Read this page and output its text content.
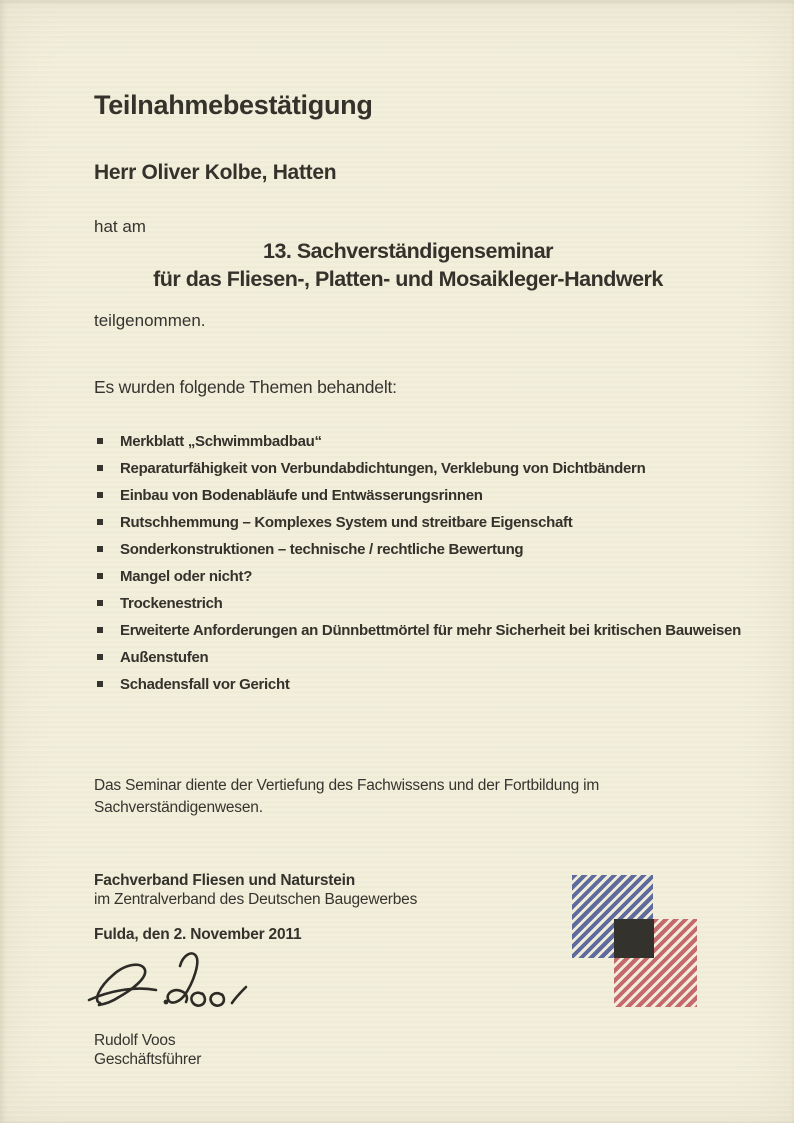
Teilnahmebestätigung
Herr Oliver Kolbe, Hatten
hat am
13. Sachverständigenseminar
für das Fliesen-, Platten- und Mosaikleger-Handwerk
teilgenommen.
Es wurden folgende Themen behandelt:
Merkblatt „Schwimmbadbau“
Reparaturfähigkeit von Verbundabdichtungen, Verklebung von Dichtbändern
Einbau von Bodenabläufe und Entwässerungsrinnen
Rutschhemmung – Komplexes System und streitbare Eigenschaft
Sonderkonstruktionen – technische / rechtliche Bewertung
Mangel oder nicht?
Trockenestrich
Erweiterte Anforderungen an Dünnbettmörtel für mehr Sicherheit bei kritischen Bauweisen
Außenstufen
Schadensfall vor Gericht
Das Seminar diente der Vertiefung des Fachwissens und der Fortbildung im Sachverständigenwesen.
Fachverband Fliesen und Naturstein
im Zentralverband des Deutschen Baugewerbes
Fulda, den 2. November 2011
Rudolf Voos
Geschäftsführer
